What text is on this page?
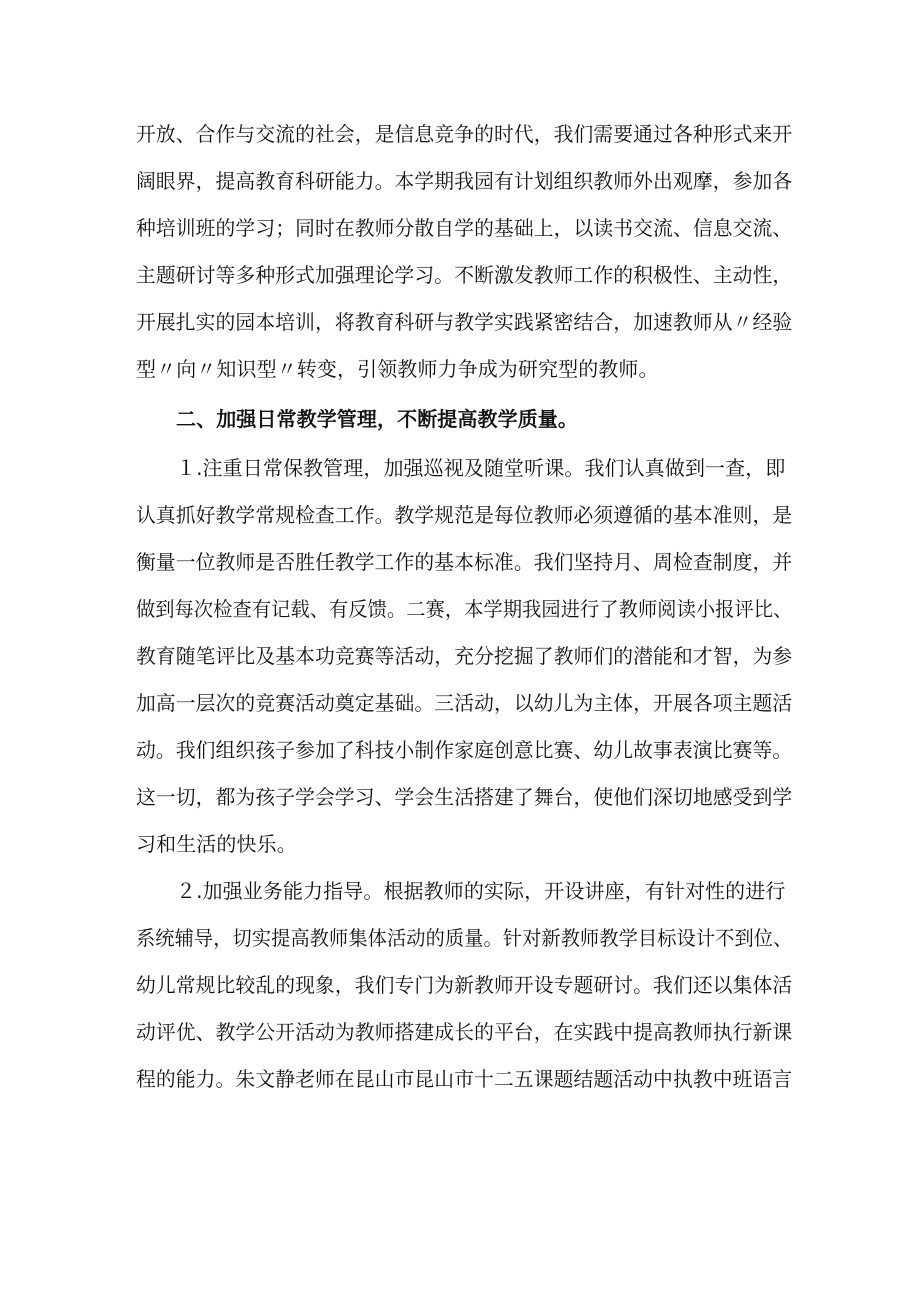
开放、合作与交流的社会，是信息竞争的时代，我们需要通过各种形式来开
阔眼界，提高教育科研能力。本学期我园有计划组织教师外出观摩，参加各
种培训班的学习；同时在教师分散自学的基础上，以读书交流、信息交流、
主题研讨等多种形式加强理论学习。不断激发教师工作的积极性、主动性，
开展扎实的园本培训，将教育科研与教学实践紧密结合，加速教师从〃经验
型〃向〃知识型〃转变，引领教师力争成为研究型的教师。
二、加强日常教学管理，不断提高教学质量。
１.注重日常保教管理，加强巡视及随堂听课。我们认真做到一查，即
认真抓好教学常规检查工作。教学规范是每位教师必须遵循的基本准则，是
衡量一位教师是否胜任教学工作的基本标准。我们坚持月、周检查制度，并
做到每次检查有记载、有反馈。二赛，本学期我园进行了教师阅读小报评比、
教育随笔评比及基本功竞赛等活动，充分挖掘了教师们的潜能和才智，为参
加高一层次的竞赛活动奠定基础。三活动，以幼儿为主体，开展各项主题活
动。我们组织孩子参加了科技小制作家庭创意比赛、幼儿故事表演比赛等。
这一切，都为孩子学会学习、学会生活搭建了舞台，使他们深切地感受到学
习和生活的快乐。
２.加强业务能力指导。根据教师的实际，开设讲座，有针对性的进行
系统辅导，切实提高教师集体活动的质量。针对新教师教学目标设计不到位、
幼儿常规比较乱的现象，我们专门为新教师开设专题研讨。我们还以集体活
动评优、教学公开活动为教师搭建成长的平台，在实践中提高教师执行新课
程的能力。朱文静老师在昆山市昆山市十二五课题结题活动中执教中班语言
